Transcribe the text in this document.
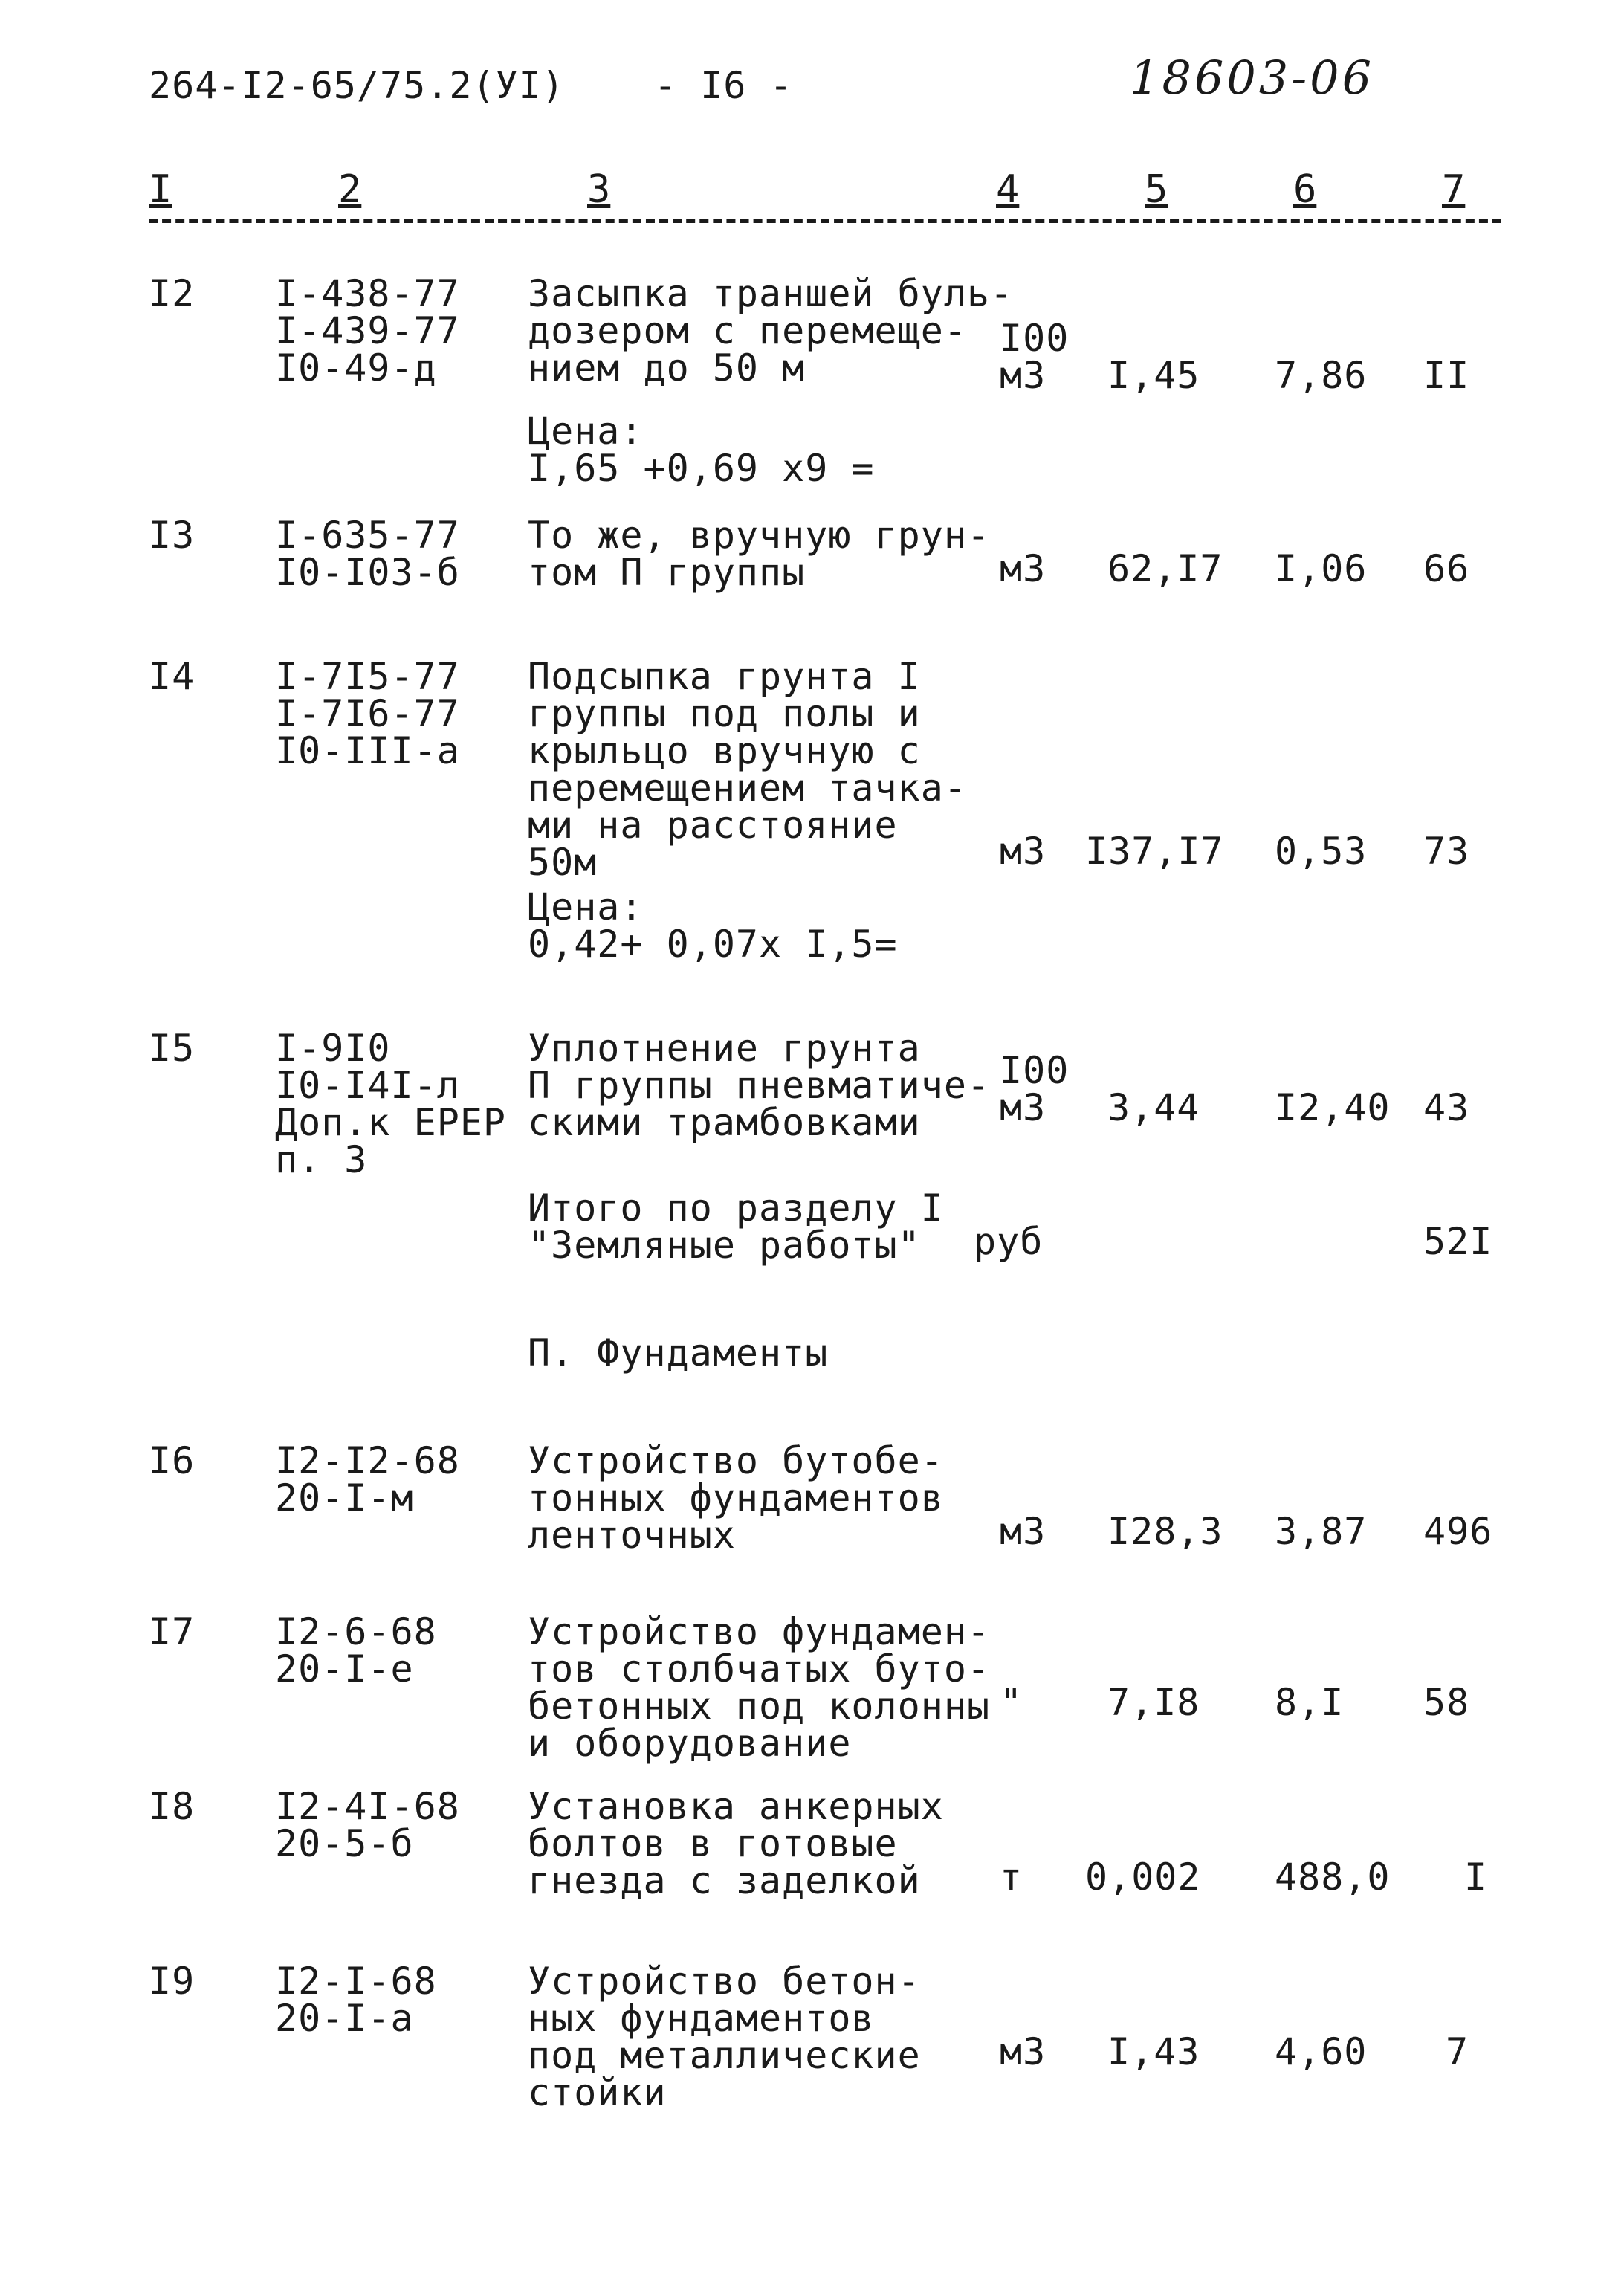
264-I2-65/75.2(УI) - I6 -	18603-06
I	2	3	4	5	6	7
I2 I-438-77
I-439-77
I0-49-д
Засыпка траншей буль-
дозером с перемеще-
нием до 50 м
I00
м3	I,45 7,86 II
Цена:
I,65 +0,69 x9 =
I3 I-635-77
I0-I03-б
То же, вручную грун-
том П группы	м3 62,I7 I,06 66
I4 I-7I5-77
I-7I6-77
I0-III-а
Подсыпка грунта I
группы под полы и
крыльцо вручную с
перемещением тачка-
ми на расстояние
50м	м3 I37,I7 0,53 73
Цена:
0,42+ 0,07x I,5=
I5 I-9I0
I0-I4I-л
Доп.к ЕРЕР
п. 3
Уплотнение грунта
П группы пневматиче-
скими трамбовками
I00
м3	3,44 I2,40 43
Итого по разделу I
"Земляные работы"	руб	52I
П. Фундаменты
I6 I2-I2-68
20-I-м
Устройство бутобе-
тонных фундаментов
ленточных	м3 I28,3 3,87 496
I7 I2-6-68
20-I-е
Устройство фундамен-
тов столбчатых буто-
бетонных под колонны
и оборудование
" 7,I8 8,I 58
I8 I2-4I-68
20-5-б
Установка анкерных
болтов в готовые
гнезда с заделкой	т 0,002 488,0 I
I9 I2-I-68
20-I-а
Устройство бетон-
ных фундаментов
под металлические
стойки
м3 I,43 4,60 7
